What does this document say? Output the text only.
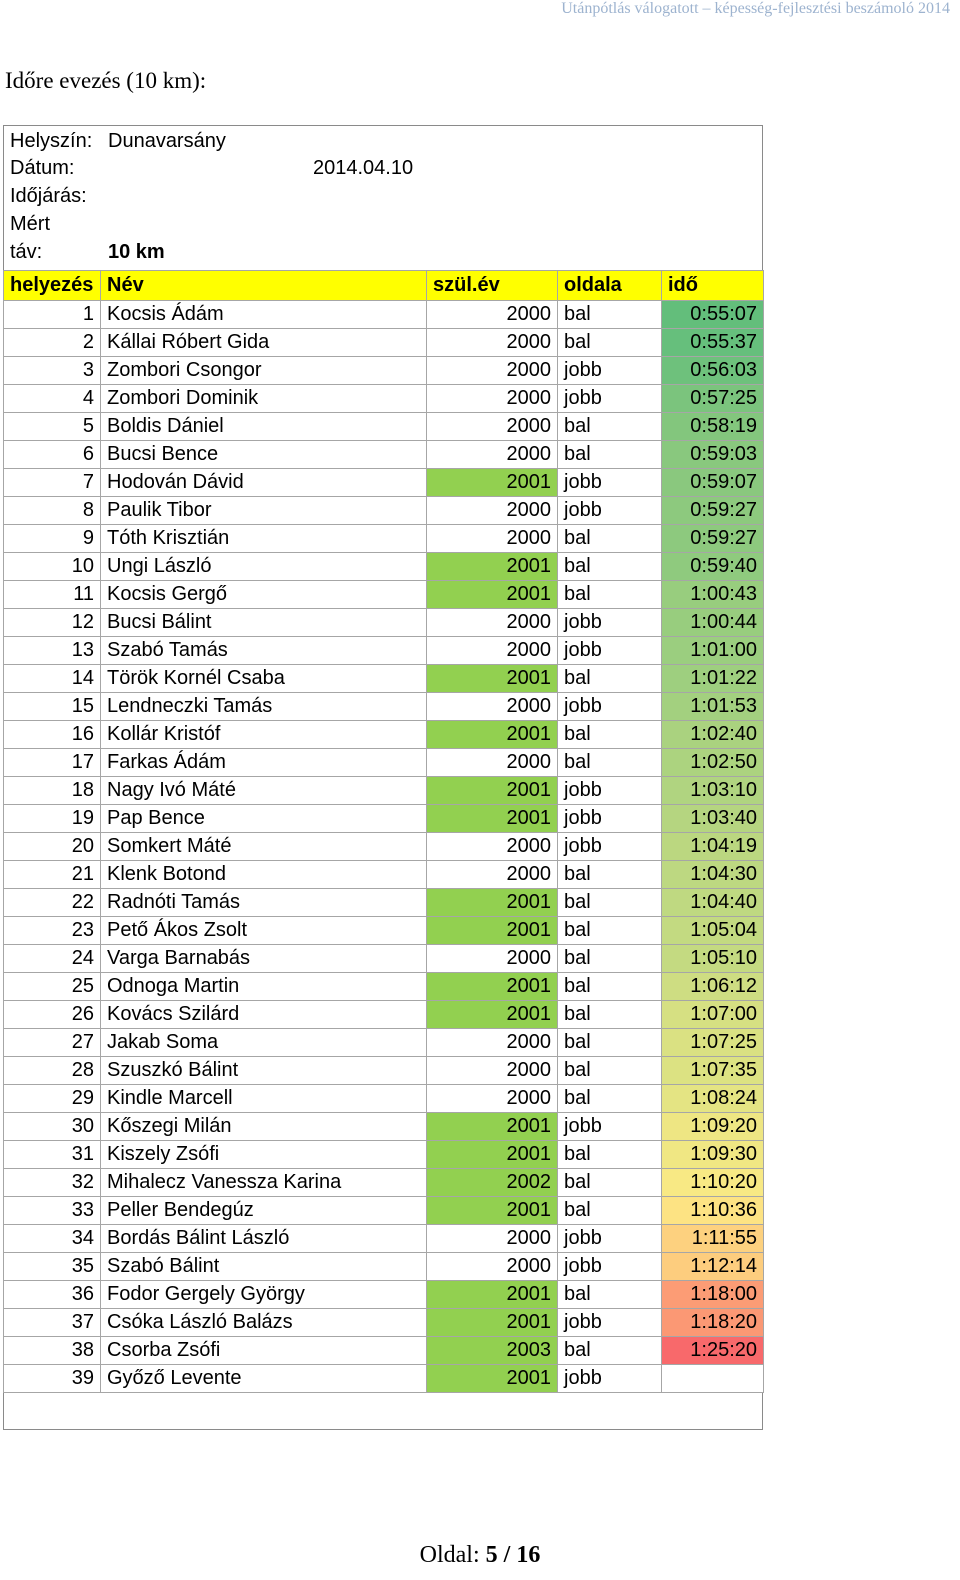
Utánpótlás válogatott – képesség-fejlesztési beszámoló 2014
Időre evezés (10 km):
Helyszín: Dunavarsány
Dátum:	2014.04.10
Időjárás:
Mért
táv:	10 km
helyezés	Név	szül.év	oldala	idő
1	Kocsis Ádám	2000	bal	0:55:07
2	Kállai Róbert Gida	2000	bal	0:55:37
3	Zombori Csongor	2000	jobb	0:56:03
4	Zombori Dominik	2000	jobb	0:57:25
5	Boldis Dániel	2000	bal	0:58:19
6	Bucsi Bence	2000	bal	0:59:03
7	Hodován Dávid	2001	jobb	0:59:07
8	Paulik Tibor	2000	jobb	0:59:27
9	Tóth Krisztián	2000	bal	0:59:27
10	Ungi László	2001	bal	0:59:40
11	Kocsis Gergő	2001	bal	1:00:43
12	Bucsi Bálint	2000	jobb	1:00:44
13	Szabó Tamás	2000	jobb	1:01:00
14	Török Kornél Csaba	2001	bal	1:01:22
15	Lendneczki Tamás	2000	jobb	1:01:53
16	Kollár Kristóf	2001	bal	1:02:40
17	Farkas Ádám	2000	bal	1:02:50
18	Nagy Ivó Máté	2001	jobb	1:03:10
19	Pap Bence	2001	jobb	1:03:40
20	Somkert Máté	2000	jobb	1:04:19
21	Klenk Botond	2000	bal	1:04:30
22	Radnóti Tamás	2001	bal	1:04:40
23	Pető Ákos Zsolt	2001	bal	1:05:04
24	Varga Barnabás	2000	bal	1:05:10
25	Odnoga Martin	2001	bal	1:06:12
26	Kovács Szilárd	2001	bal	1:07:00
27	Jakab Soma	2000	bal	1:07:25
28	Szuszkó Bálint	2000	bal	1:07:35
29	Kindle Marcell	2000	bal	1:08:24
30	Kőszegi Milán	2001	jobb	1:09:20
31	Kiszely Zsófi	2001	bal	1:09:30
32	Mihalecz Vanessza Karina	2002	bal	1:10:20
33	Peller Bendegúz	2001	bal	1:10:36
34	Bordás Bálint László	2000	jobb	1:11:55
35	Szabó Bálint	2000	jobb	1:12:14
36	Fodor Gergely György	2001	bal	1:18:00
37	Csóka László Balázs	2001	jobb	1:18:20
38	Csorba Zsófi	2003	bal	1:25:20
39	Győző Levente	2001	jobb	
Oldal: 5 / 16
